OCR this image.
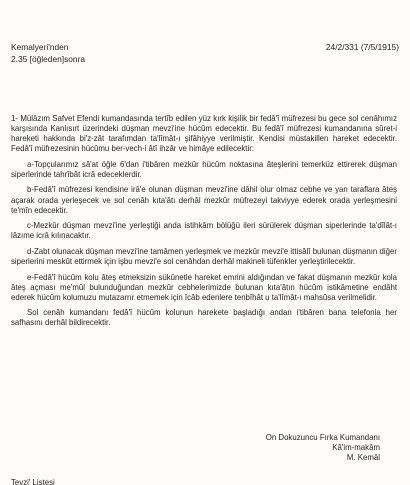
Kemalyeri'nden
2.35 [öğleden]sonra
24/2/331 (7/5/1915)

1- Mülâzım Safvet Efendi kumandasında tertîb edilen yüz kırk kişilik bir fedâ'î müfrezesi bu gece sol cenâhımız karşısında Kanlısırt üzerindeki düşman mevzi'ine hücûm edecektir. Bu fedâ'î müfrezesi kumandanına sûret-i hareketi hakkında bi'z-zât tarafımdan ta'lîmât-ı şifâhiyye verilmiştir. Kendisi müstakillen hareket edecektir. Fedâ'î müfrezesinin hücûmu ber-vech-i âtî ihzâr ve himâye edilecektir:

a-Topçularımız sâ'at öğle 6'dan i'tibâren mezkûr hücûm noktasına âteşlerini temerküz ettirerek düşman siperlerinde tahrîbât icrâ edeceklerdir.

b-Fedâ'î müfrezesi kendisine irâ'e olunan düşman mevzi'ine dâhil olur olmaz cebhe ve yan taraflara âteş açarak orada yerleşecek ve sol cenâh kıta'âtı derhâl mezkûr müfrezeyi takviyye ederek orada yerleşmesini te'mîn edecektir.

c-Mezkûr düşman mevzi'ine yerleştiği anda istihkâm bölüğü ileri sürülerek düşman siperlerinde ta'dîlât-ı lâzıme icrâ kılınacaktır.

d-Zabt olunacak düşman mevzi'ine tamâmen yerleşmek ve mezkûr mevzi'e ittisâlî bulunan düşmanın diğer siperlerini meskût ettirmek için işbu mevzi'e sol cenâhdan derhâl makineli tüfenkler yerleştirilecektir.

e-Fedâ'î hücûm kolu âteş etmeksizin sükûnetle hareket emrini aldığından ve fakat düşmanın mezkûr kola âteş açması me'mûl bulunduğundan mezkûr cebhelerimizde bulunan kıta'âtın hücûm istikâmetine endâht ederek hücûm kolumuzu mutazarrır etmemek için îcâb edenlere tenbîhât u ta'lîmât-ı mahsûsa verilmelidir.

Sol cenâh kumandanı fedâ'î hücûm kolunun harekete başladığı andan i'tibâren bana telefonla her safhasını derhâl bildirecektir.

On Dokuzuncu Fırka Kumandanı
Kâ'im-makâm
M. Kemâl
Tevzi' Listesi
